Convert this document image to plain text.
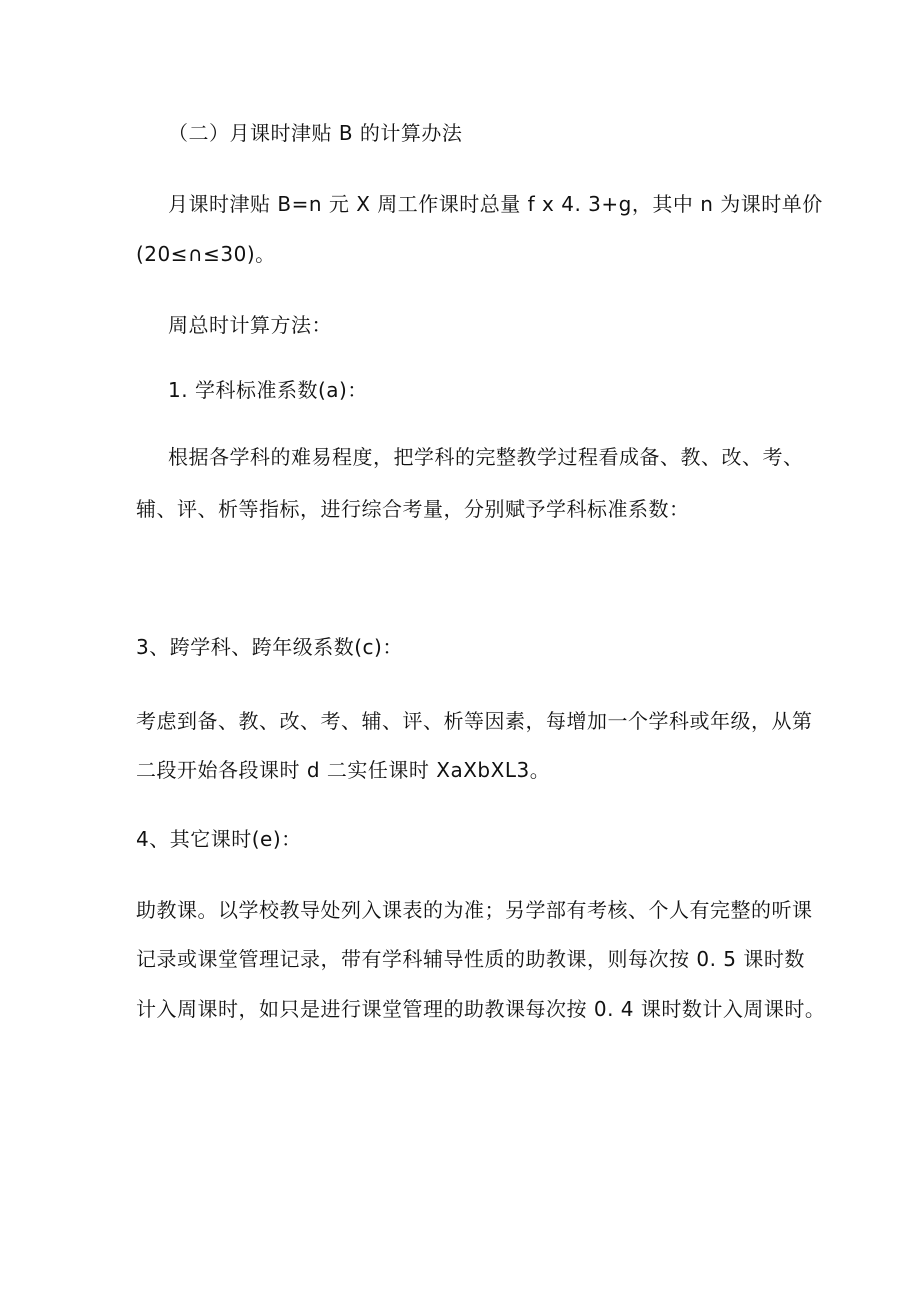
（二）月课时津贴 B 的计算办法
月课时津贴 B=n 元 X 周工作课时总量 f x 4. 3+g，其中 n 为课时单价
(20≤∩≤30)。
周总时计算方法：
1. 学科标准系数(a)：
根据各学科的难易程度，把学科的完整教学过程看成备、教、改、考、
辅、评、析等指标，进行综合考量，分别赋予学科标准系数：
3、跨学科、跨年级系数(c)：
考虑到备、教、改、考、辅、评、析等因素，每增加一个学科或年级，从第
二段开始各段课时 d 二实任课时 XaXbXL3。
4、其它课时(e)：
助教课。以学校教导处列入课表的为准；另学部有考核、个人有完整的听课
记录或课堂管理记录，带有学科辅导性质的助教课，则每次按 0. 5 课时数
计入周课时，如只是进行课堂管理的助教课每次按 0. 4 课时数计入周课时。
